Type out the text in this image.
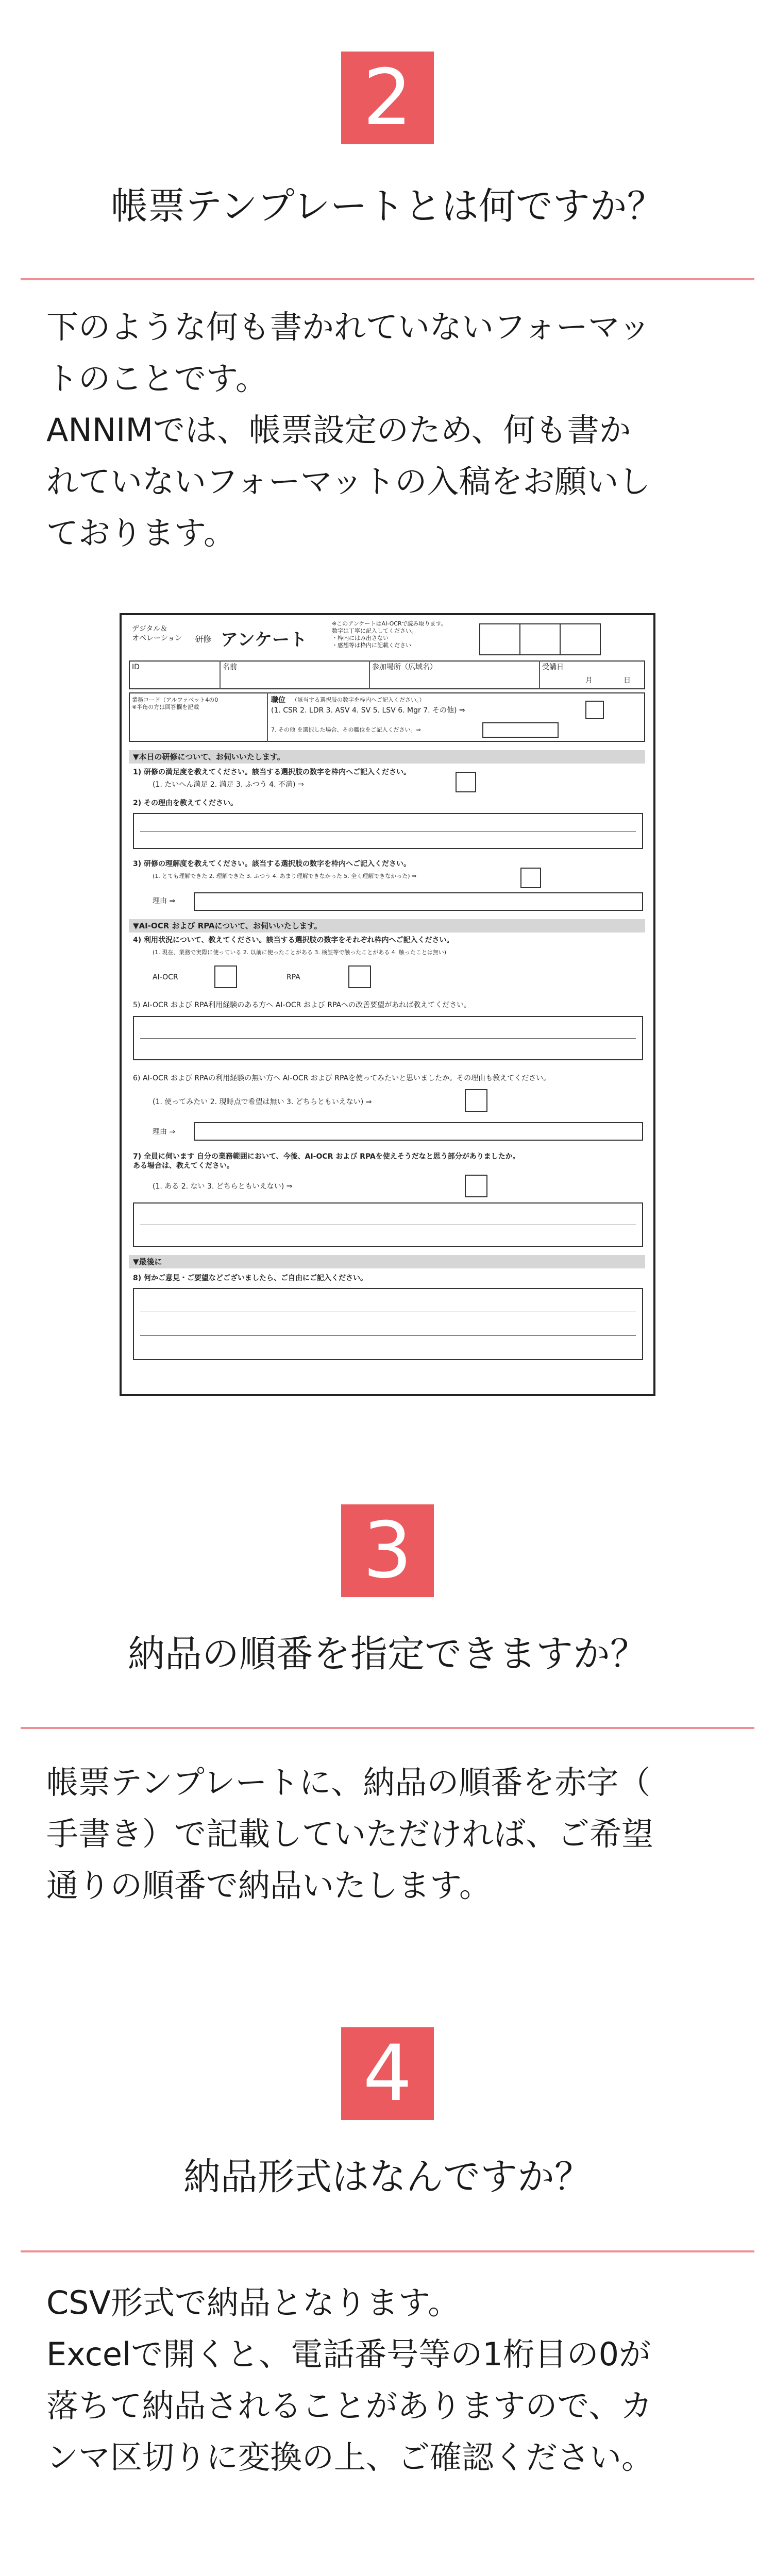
2
帳票テンプレートとは何ですか？

下のような何も書かれていないフォーマッ

トのことです。

ANNIMでは、帳票設定のため、何も書か

れていないフォーマットの入稿をお願いし

ております。

デジタル＆
オペレーション 研修 アンケート
※このアンケートはAI-OCRで読み取ります。
数字は丁寧に記入してください。
・枠内にはみ出さない
・感想等は枠内に記載ください
ID	名前	参加場所（広域名）	受講日
月	日
業務コード（アルファベット4の0
※半角の方は回答欄を記載
職位 （該当する選択肢の数字を枠内へご記入ください。）
(1. CSR 2. LDR 3. ASV 4. SV 5. LSV 6. Mgr 7. その他) ⇒
7. その他 を選択した場合、その職位をご記入ください。⇒
▼本日の研修について、お伺いいたします。
1) 研修の満足度を教えてください。該当する選択肢の数字を枠内へご記入ください。
(1. たいへん満足 2. 満足 3. ふつう 4. 不満) ⇒
2) その理由を教えてください。
3) 研修の理解度を教えてください。該当する選択肢の数字を枠内へご記入ください。
(1. とても理解できた 2. 理解できた 3. ふつう 4. あまり理解できなかった 5. 全く理解できなかった) ⇒
理由 ⇒
▼AI-OCR および RPAについて、お伺いいたします。
4) 利用状況について、教えてください。該当する選択肢の数字をそれぞれ枠内へご記入ください。
(1. 現在、業務で実際に使っている 2. 以前に使ったことがある 3. 検証等で触ったことがある 4. 触ったことは無い)
AI-OCR	RPA
5) AI-OCR および RPA利用経験のある方へ AI-OCR および RPAへの改善要望があれば教えてください。
6) AI-OCR および RPAの利用経験の無い方へ AI-OCR および RPAを使ってみたいと思いましたか。その理由も教えてください。
(1. 使ってみたい 2. 現時点で希望は無い 3. どちらともいえない) ⇒
理由 ⇒
7) 全員に伺います 自分の業務範囲において、今後、AI-OCR および RPAを使えそうだなと思う部分がありましたか。
ある場合は、教えてください。
(1. ある 2. ない 3. どちらともいえない) ⇒
▼最後に
8) 何かご意見・ご要望などございましたら、ご自由にご記入ください。
3
納品の順番を指定できますか？

帳票テンプレートに、納品の順番を赤字（

手書き）で記載していただければ、ご希望

通りの順番で納品いたします。

4
納品形式はなんですか？

CSV形式で納品となります。

Excelで開くと、電話番号等の1桁目の0が

落ちて納品されることがありますので、カ

ンマ区切りに変換の上、ご確認ください。
